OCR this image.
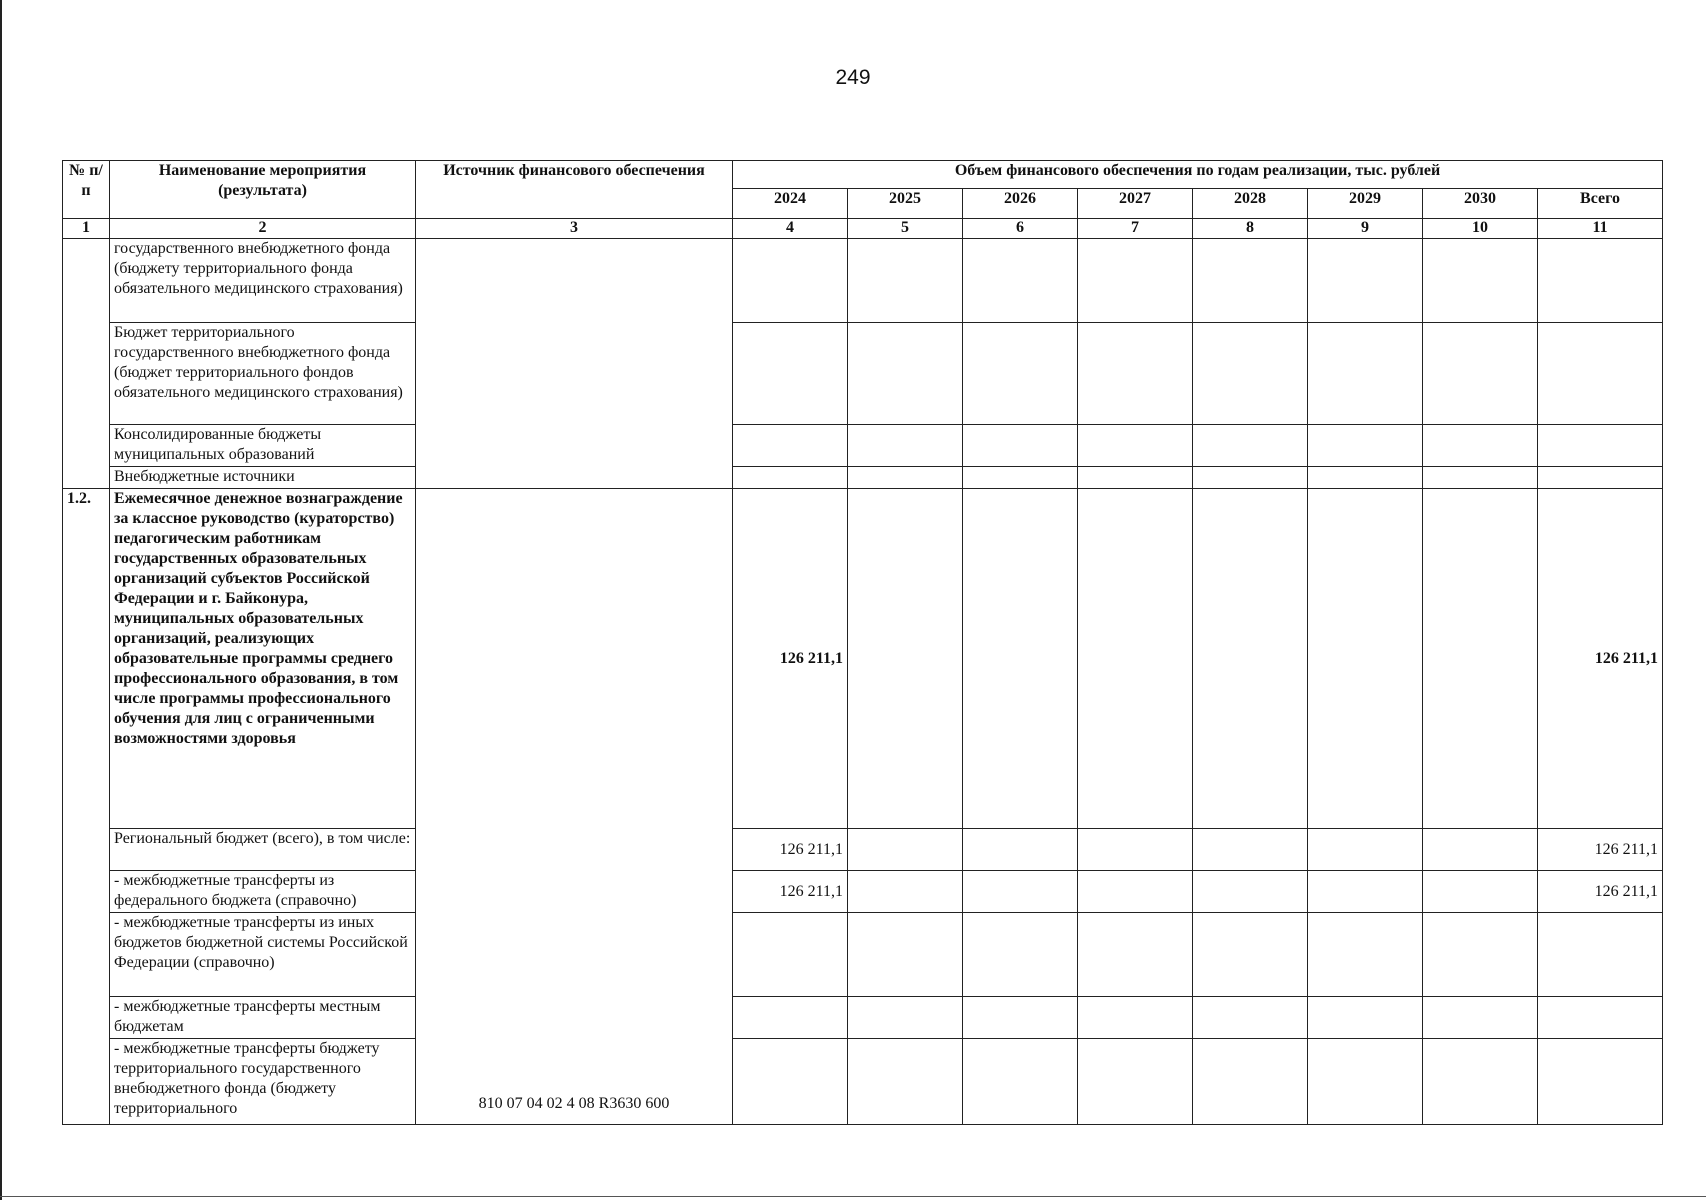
249
№ п/п	Наименование мероприятия (результата)	Источник финансового обеспечения	Объем финансового обеспечения по годам реализации, тыс. рублей							
			2024	2025	2026	2027	2028	2029	2030	Всего
1	2	3	4	5	6	7	8	9	10	11
	государственного внебюджетного фонда (бюджету территориального фонда обязательного медицинского страхования)									
	Бюджет территориального государственного внебюджетного фонда (бюджет территориального фондов обязательного медицинского страхования)									
	Консолидированные бюджеты муниципальных образований									
	Внебюджетные источники									
1.2.	Ежемесячное денежное вознаграждение за классное руководство (кураторство) педагогическим работникам государственных образовательных организаций субъектов Российской Федерации и г. Байконура, муниципальных образовательных организаций, реализующих образовательные программы среднего профессионального образования, в том числе программы профессионального обучения для лиц с ограниченными возможностями здоровья	810 07 04 02 4 08 R3630 600	126 211,1							126 211,1
	Региональный бюджет (всего), в том числе:		126 211,1							126 211,1
	- межбюджетные трансферты из федерального бюджета (справочно)		126 211,1							126 211,1
	- межбюджетные трансферты из иных бюджетов бюджетной системы Российской Федерации (справочно)									
	- межбюджетные трансферты местным бюджетам									
	- межбюджетные трансферты бюджету территориального государственного внебюджетного фонда (бюджету территориального									
